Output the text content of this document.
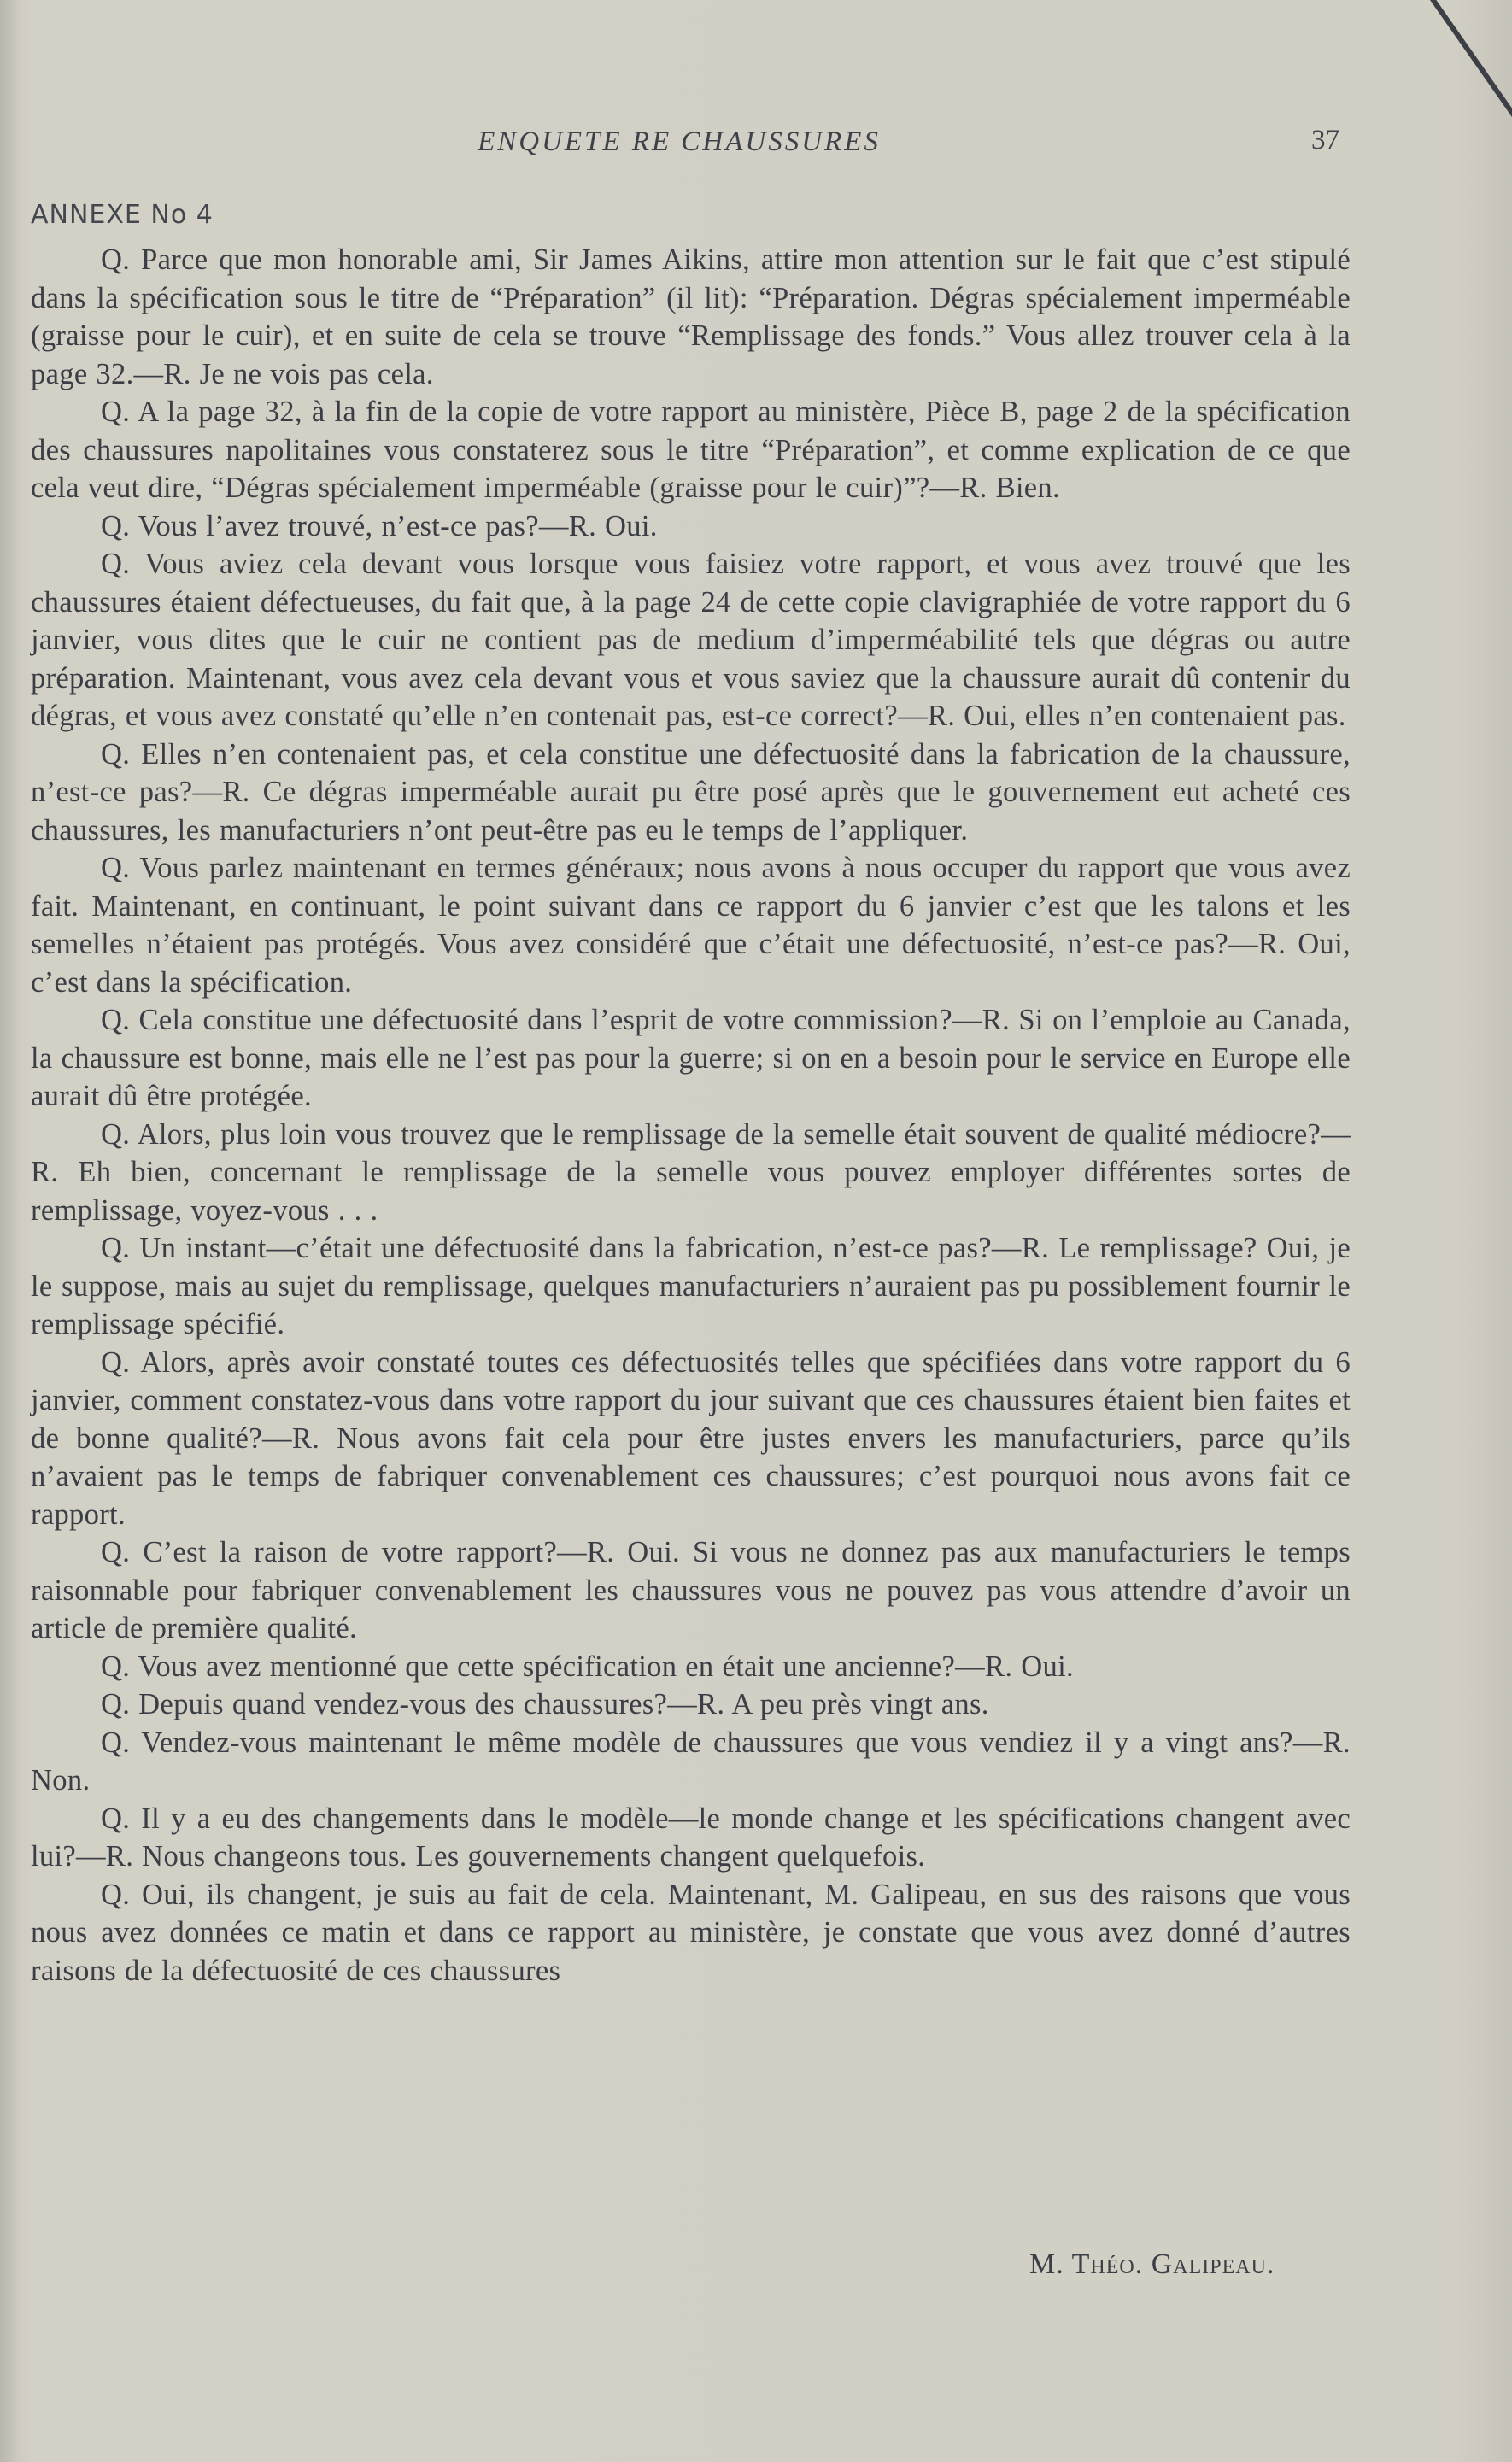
ENQUETE RE CHAUSSURES	37
ANNEXE No 4

Q. Parce que mon honorable ami, Sir James Aikins, attire mon attention sur le fait que c’est stipulé dans la spécification sous le titre de “Préparation” (il lit): “Préparation. Dégras spécialement imperméable (graisse pour le cuir), et en suite de cela se trouve “Remplissage des fonds.” Vous allez trouver cela à la page 32.—R. Je ne vois pas cela.

Q. A la page 32, à la fin de la copie de votre rapport au ministère, Pièce B, page 2 de la spécification des chaussures napolitaines vous constaterez sous le titre “Préparation”, et comme explication de ce que cela veut dire, “Dégras spécialement imperméable (graisse pour le cuir)”?—R. Bien.

Q. Vous l’avez trouvé, n’est-ce pas?—R. Oui.

Q. Vous aviez cela devant vous lorsque vous faisiez votre rapport, et vous avez trouvé que les chaussures étaient défectueuses, du fait que, à la page 24 de cette copie clavigraphiée de votre rapport du 6 janvier, vous dites que le cuir ne contient pas de medium d’imperméabilité tels que dégras ou autre préparation. Maintenant, vous avez cela devant vous et vous saviez que la chaussure aurait dû contenir du dégras, et vous avez constaté qu’elle n’en contenait pas, est-ce correct?—R. Oui, elles n’en contenaient pas.

Q. Elles n’en contenaient pas, et cela constitue une défectuosité dans la fabrication de la chaussure, n’est-ce pas?—R. Ce dégras imperméable aurait pu être posé après que le gouvernement eut acheté ces chaussures, les manufacturiers n’ont peut-être pas eu le temps de l’appliquer.

Q. Vous parlez maintenant en termes généraux; nous avons à nous occuper du rapport que vous avez fait. Maintenant, en continuant, le point suivant dans ce rapport du 6 janvier c’est que les talons et les semelles n’étaient pas protégés. Vous avez considéré que c’était une défectuosité, n’est-ce pas?—R. Oui, c’est dans la spécification.

Q. Cela constitue une défectuosité dans l’esprit de votre commission?—R. Si on l’emploie au Canada, la chaussure est bonne, mais elle ne l’est pas pour la guerre; si on en a besoin pour le service en Europe elle aurait dû être protégée.

Q. Alors, plus loin vous trouvez que le remplissage de la semelle était souvent de qualité médiocre?—R. Eh bien, concernant le remplissage de la semelle vous pouvez employer différentes sortes de remplissage, voyez-vous . . .

Q. Un instant—c’était une défectuosité dans la fabrication, n’est-ce pas?—R. Le remplissage? Oui, je le suppose, mais au sujet du remplissage, quelques manufacturiers n’auraient pas pu possiblement fournir le remplissage spécifié.

Q. Alors, après avoir constaté toutes ces défectuosités telles que spécifiées dans votre rapport du 6 janvier, comment constatez-vous dans votre rapport du jour suivant que ces chaussures étaient bien faites et de bonne qualité?—R. Nous avons fait cela pour être justes envers les manufacturiers, parce qu’ils n’avaient pas le temps de fabriquer convenablement ces chaussures; c’est pourquoi nous avons fait ce rapport.

Q. C’est la raison de votre rapport?—R. Oui. Si vous ne donnez pas aux manufacturiers le temps raisonnable pour fabriquer convenablement les chaussures vous ne pouvez pas vous attendre d’avoir un article de première qualité.

Q. Vous avez mentionné que cette spécification en était une ancienne?—R. Oui.

Q. Depuis quand vendez-vous des chaussures?—R. A peu près vingt ans.

Q. Vendez-vous maintenant le même modèle de chaussures que vous vendiez il y a vingt ans?—R. Non.

Q. Il y a eu des changements dans le modèle—le monde change et les spécifications changent avec lui?—R. Nous changeons tous. Les gouvernements changent quelquefois.

Q. Oui, ils changent, je suis au fait de cela. Maintenant, M. Galipeau, en sus des raisons que vous nous avez données ce matin et dans ce rapport au ministère, je constate que vous avez donné d’autres raisons de la défectuosité de ces chaussures

M. Théo. Galipeau.
